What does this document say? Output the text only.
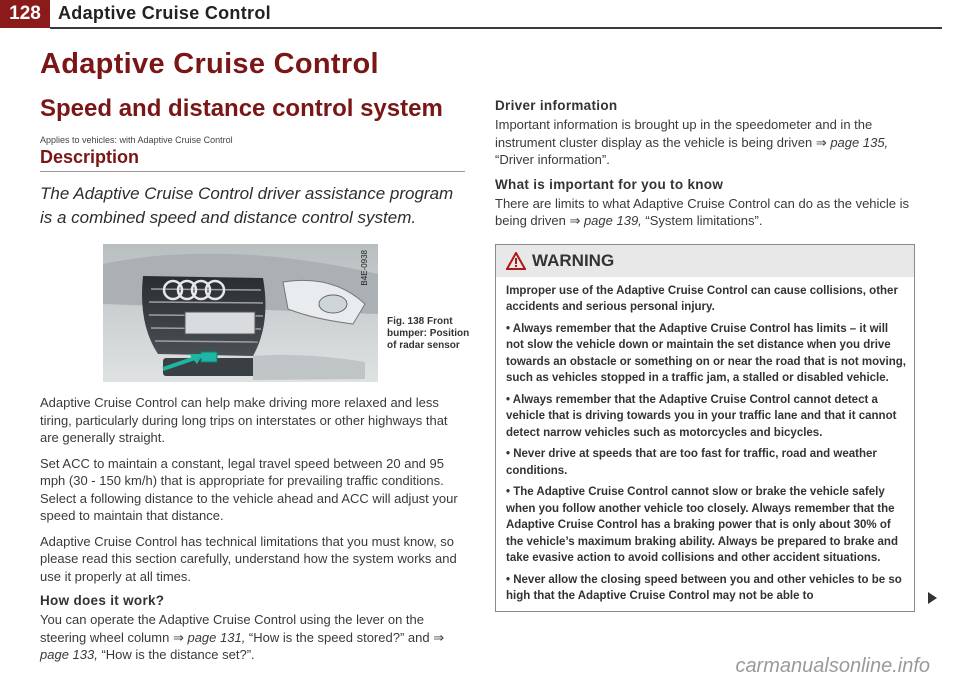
128 Adaptive Cruise Control
Adaptive Cruise Control
Speed and distance control system
Applies to vehicles: with Adaptive Cruise Control
Description
The Adaptive Cruise Control driver assistance program is a combined speed and distance control system.
B4E-0938
Fig. 138 Front bumper: Position of radar sensor

Adaptive Cruise Control can help make driving more relaxed and less tiring, particularly during long trips on interstates or other highways that are generally straight.

Set ACC to maintain a constant, legal travel speed between 20 and 95 mph (30 - 150 km/h) that is appropriate for prevailing traffic conditions. Select a following distance to the vehicle ahead and ACC will adjust your speed to maintain that distance.

Adaptive Cruise Control has technical limitations that you must know, so please read this section carefully, understand how the system works and use it properly at all times.

How does it work?

You can operate the Adaptive Cruise Control using the lever on the steering wheel column ⇒ page 131, “How is the speed stored?” and ⇒ page 133, “How is the distance set?”.

Driver information

Important information is brought up in the speedometer and in the instrument cluster display as the vehicle is being driven ⇒ page 135, “Driver information”.

What is important for you to know

There are limits to what Adaptive Cruise Control can do as the vehicle is being driven ⇒ page 139, “System limitations”.

WARNING

Improper use of the Adaptive Cruise Control can cause collisions, other accidents and serious personal injury.

• Always remember that the Adaptive Cruise Control has limits – it will not slow the vehicle down or maintain the set distance when you drive towards an obstacle or something on or near the road that is not moving, such as vehicles stopped in a traffic jam, a stalled or disabled vehicle.

• Always remember that the Adaptive Cruise Control cannot detect a vehicle that is driving towards you in your traffic lane and that it cannot detect narrow vehicles such as motorcycles and bicycles.

• Never drive at speeds that are too fast for traffic, road and weather conditions.

• The Adaptive Cruise Control cannot slow or brake the vehicle safely when you follow another vehicle too closely. Always remember that the Adaptive Cruise Control has a braking power that is only about 30% of the vehicle’s maximum braking ability. Always be prepared to brake and take evasive action to avoid collisions and other accident situations.

• Never allow the closing speed between you and other vehicles to be so high that the Adaptive Cruise Control may not be able to

carmanualsonline.info
